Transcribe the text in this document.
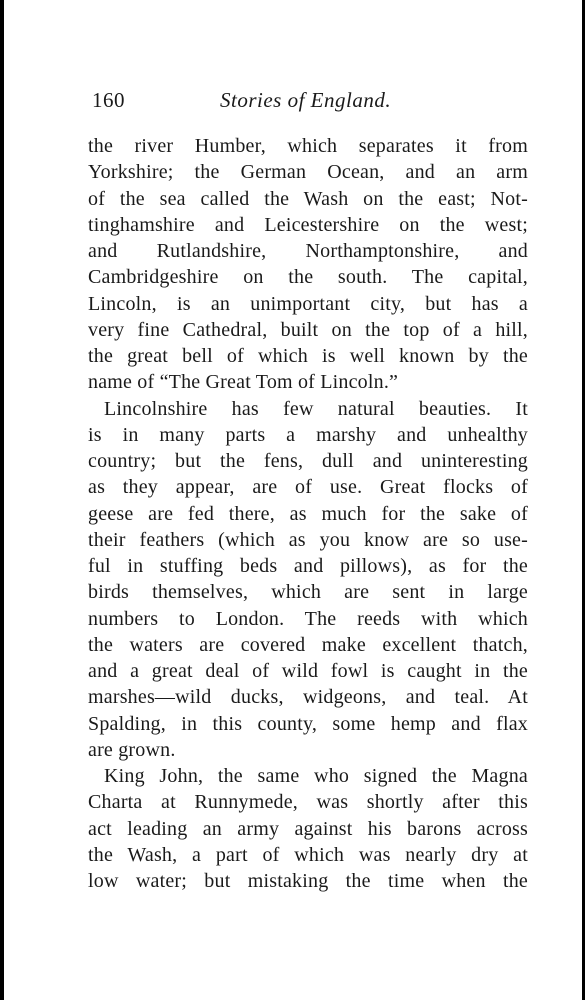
160	Stories of England.
the river Humber, which separates it from
Yorkshire; the German Ocean, and an arm
of the sea called the Wash on the east; Not-
tinghamshire and Leicestershire on the west;
and Rutlandshire, Northamptonshire, and
Cambridgeshire on the south. The capital,
Lincoln, is an unimportant city, but has a
very fine Cathedral, built on the top of a hill,
the great bell of which is well known by the
name of “The Great Tom of Lincoln.”
Lincolnshire has few natural beauties. It
is in many parts a marshy and unhealthy
country; but the fens, dull and uninteresting
as they appear, are of use. Great flocks of
geese are fed there, as much for the sake of
their feathers (which as you know are so use-
ful in stuffing beds and pillows), as for the
birds themselves, which are sent in large
numbers to London. The reeds with which
the waters are covered make excellent thatch,
and a great deal of wild fowl is caught in the
marshes—wild ducks, widgeons, and teal. At
Spalding, in this county, some hemp and flax
are grown.
King John, the same who signed the Magna
Charta at Runnymede, was shortly after this
act leading an army against his barons across
the Wash, a part of which was nearly dry at
low water; but mistaking the time when the
